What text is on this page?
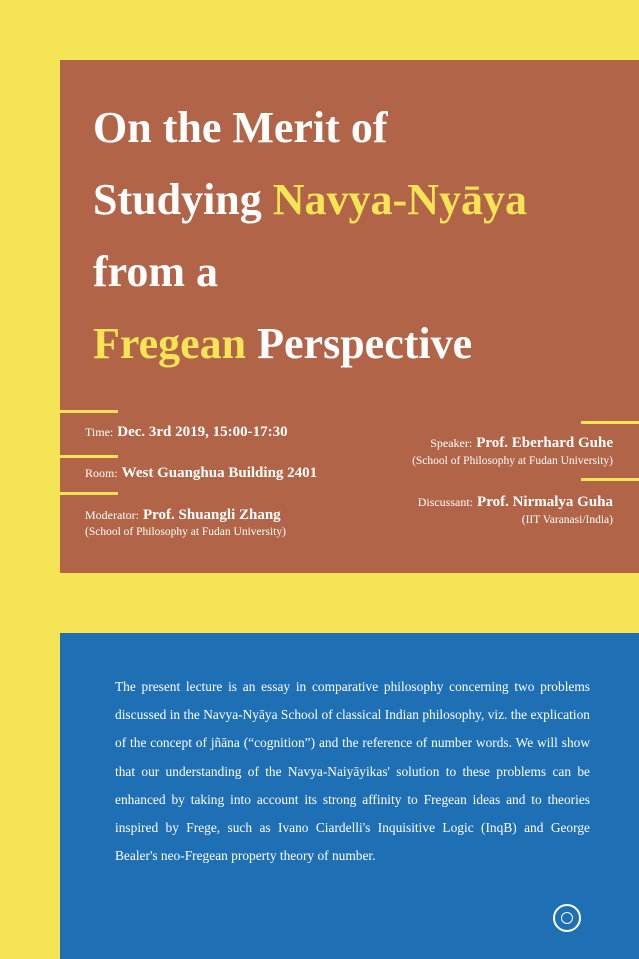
On the Merit of
Studying Navya-Nyāya
from a
Fregean Perspective
Time: Dec. 3rd 2019, 15:00-17:30
Room: West Guanghua Building 2401
Moderator: Prof. Shuangli Zhang
(School of Philosophy at Fudan University)
Speaker: Prof. Eberhard Guhe
(School of Philosophy at Fudan University)
Discussant: Prof. Nirmalya Guha
(IIT Varanasi/India)
The present lecture is an essay in comparative philosophy concerning two problems discussed in the Navya-Nyāya School of classical Indian philosophy, viz. the explication of the concept of jñāna (“cognition”) and the reference of number words. We will show that our understanding of the Navya-Naiyāyikas' solution to these problems can be enhanced by taking into account its strong affinity to Fregean ideas and to theories inspired by Frege, such as Ivano Ciardelli's Inquisitive Logic (InqB) and George Bealer's neo-Fregean property theory of number.
